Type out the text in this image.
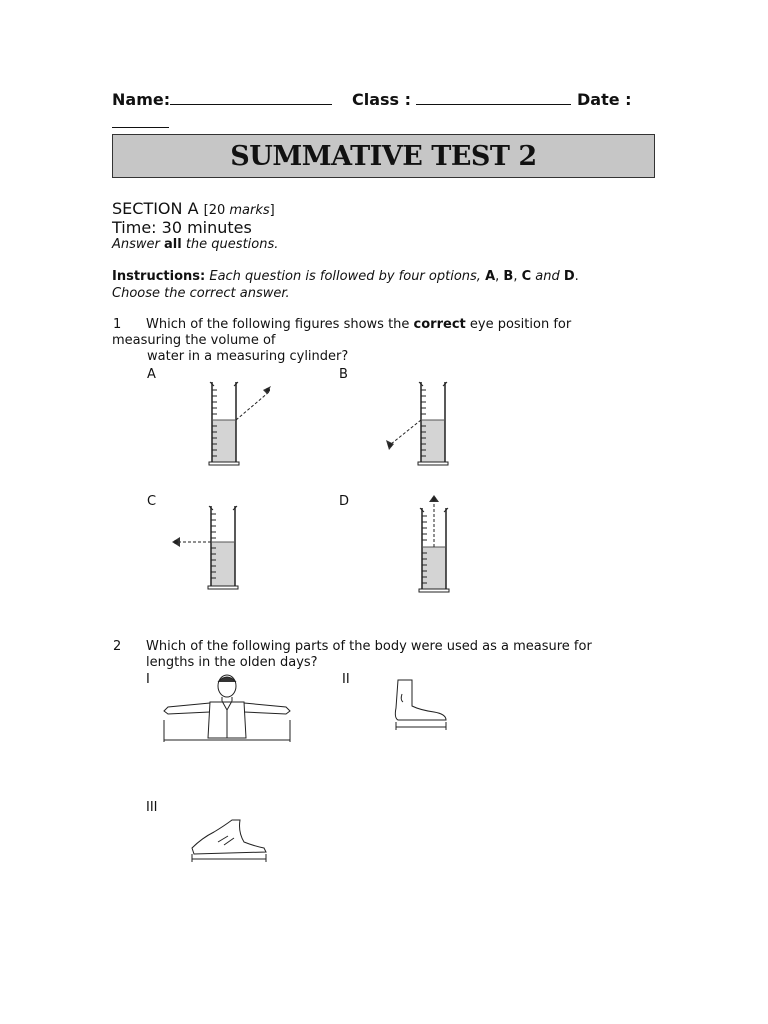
Name:	Class :	Date :
SUMMATIVE TEST 2
SECTION A [20 marks]
Time: 30 minutes
Answer all the questions.
Instructions: Each question is followed by four options, A, B, C and D.
Choose the correct answer.
1 Which of the following figures shows the correct eye position for
measuring the volume of
water in a measuring cylinder?
A	B
C	D
2 Which of the following parts of the body were used as a measure for
lengths in the olden days?
I	II
III
